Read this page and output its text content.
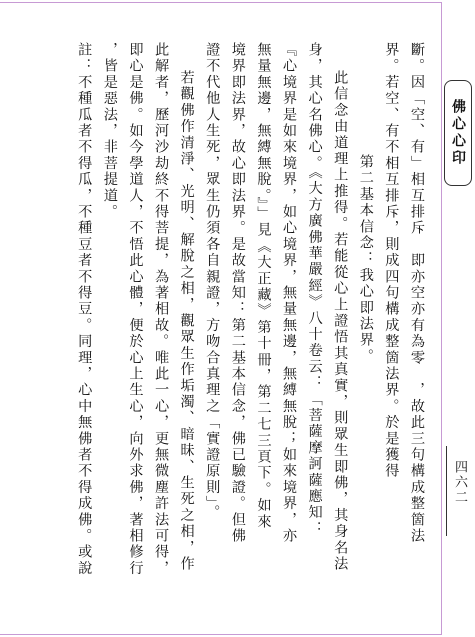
斷。因「空、有」相互排斥　即亦空亦有為零　，故此三句構成整箇法
界。若空、有不相互排斥，則成四句構成整箇法界。於是獲得
第二基本信念：我心即法界。
此信念由道理上推得。若能從心上證悟其真實，則眾生即佛，其身名法
身，其心名佛心。《大方廣佛華嚴經》八十卷云：「菩薩摩訶薩應知：
『心境界是如來境界，如心境界，無量無邊，無縛無脫；如來境界，亦
無量無邊，無縛無脫。』」見《大正藏》第十冊，第二七三頁下。如來
境界即法界，故心即法界。是故當知：第二基本信念，佛已驗證。但佛
證不代他人生死，眾生仍須各自親證，方吻合真理之「實證原則」。
若觀佛作清淨、光明、解脫之相，觀眾生作垢濁、暗昧、生死之相，作
此解者，歷河沙劫終不得菩提，為著相故。唯此一心，更無微塵許法可得，
即心是佛。如今學道人，不悟此心體，便於心上生心，向外求佛，著相修行
，皆是惡法，非菩提道。
註：不種瓜者不得瓜，不種豆者不得豆。同理，心中無佛者不得成佛。或說	佛心心印
四六二
